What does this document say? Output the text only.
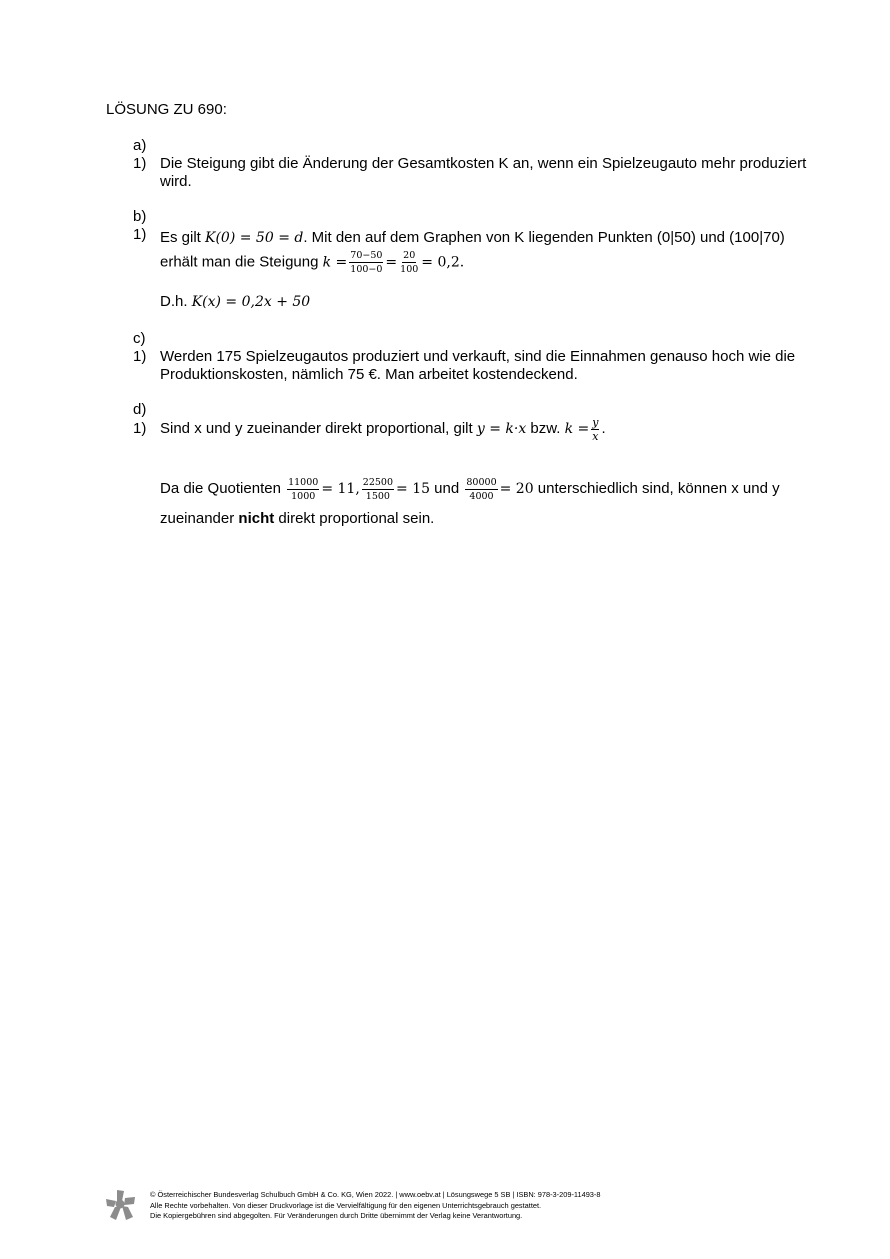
LÖSUNG ZU 690:
a)
1) Die Steigung gibt die Änderung der Gesamtkosten K an, wenn ein Spielzeugauto mehr produziert wird.
b)
1) Es gilt K(0) = 50 = d. Mit den auf dem Graphen von K liegenden Punkten (0|50) und (100|70) erhält man die Steigung $k = \frac{70-50}{100-0} = \frac{20}{100} = 0,2$.
D.h. K(x) = 0,2x + 50
c)
1) Werden 175 Spielzeugautos produziert und verkauft, sind die Einnahmen genauso hoch wie die Produktionskosten, nämlich 75 €. Man arbeitet kostendeckend.
d)
1) Sind x und y zueinander direkt proportional, gilt y = k·x bzw. $k = \frac{y}{x}$ .
Da die Quotienten $\frac{11000}{1000} = 11$, $\frac{22500}{1500} = 15$ und $\frac{80000}{4000} = 20$ unterschiedlich sind, können x und y zueinander nicht direkt proportional sein.
© Österreichischer Bundesverlag Schulbuch GmbH & Co. KG, Wien 2022. | www.oebv.at | Lösungswege 5 SB | ISBN: 978-3-209-11493-8
Alle Rechte vorbehalten. Von dieser Druckvorlage ist die Vervielfältigung für den eigenen Unterrichtsgebrauch gestattet.
Die Kopiergebühren sind abgegolten. Für Veränderungen durch Dritte übernimmt der Verlag keine Verantwortung.
